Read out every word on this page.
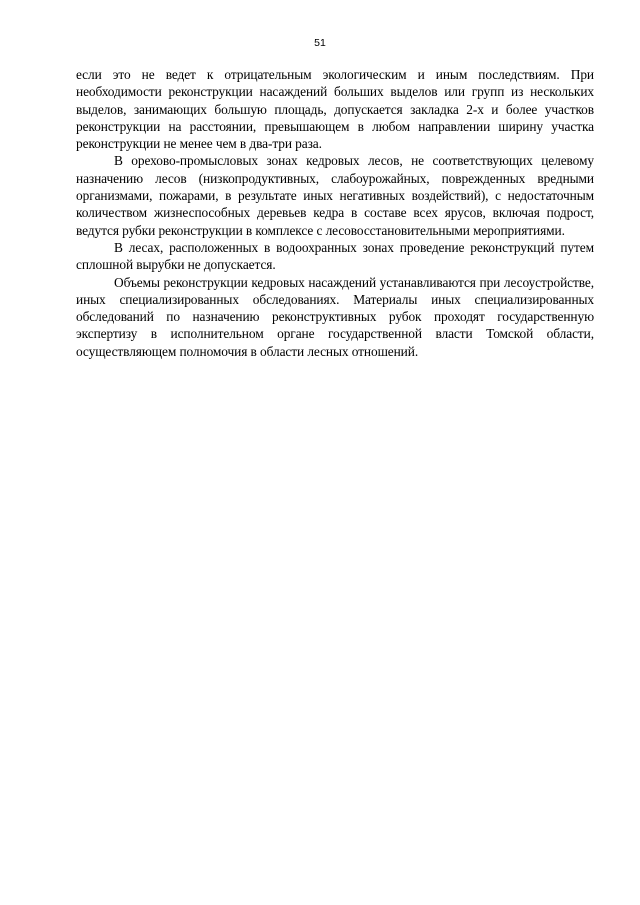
51

если это не ведет к отрицательным экологическим и иным последствиям. При необходимости реконструкции насаждений больших выделов или групп из нескольких выделов, занимающих большую площадь, допускается закладка 2-х и более участков реконструкции на расстоянии, превышающем в любом направлении ширину участка реконструкции не менее чем в два-три раза.

В орехово-промысловых зонах кедровых лесов, не соответствующих целевому назначению лесов (низкопродуктивных, слабоурожайных, поврежденных вредными организмами, пожарами, в результате иных негативных воздействий), с недостаточным количеством жизнеспособных деревьев кедра в составе всех ярусов, включая подрост, ведутся рубки реконструкции в комплексе с лесовосстановительными мероприятиями.

В лесах, расположенных в водоохранных зонах проведение реконструкций путем сплошной вырубки не допускается.

Объемы реконструкции кедровых насаждений устанавливаются при лесоустройстве, иных специализированных обследованиях. Материалы иных специализированных обследований по назначению реконструктивных рубок проходят государственную экспертизу в исполнительном органе государственной власти Томской области, осуществляющем полномочия в области лесных отношений.
